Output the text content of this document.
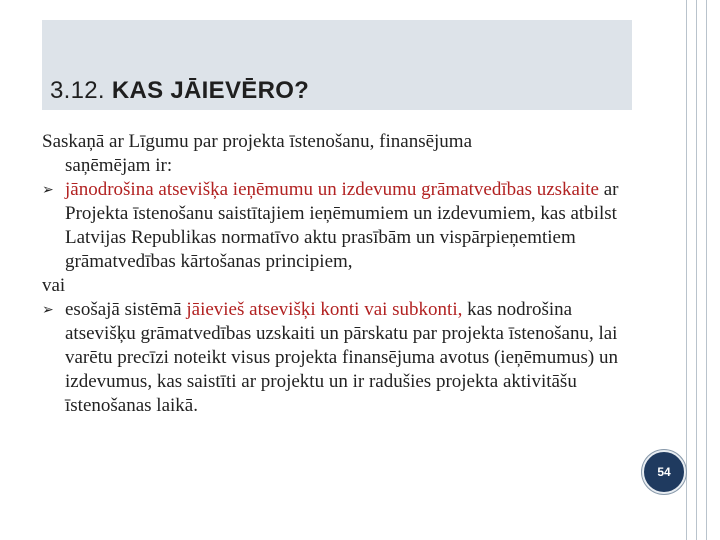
3.12. KAS JĀIEVĒRO?

Saskaņā ar Līgumu par projekta īstenošanu, finansējuma

saņēmējam ir:

➢ jānodrošina atsevišķa ieņēmumu un izdevumu grāmatvedības uzskaite ar Projekta īstenošanu saistītajiem ieņēmumiem un izdevumiem, kas atbilst Latvijas Republikas normatīvo aktu prasībām un vispārpieņemtiem grāmatvedības kārtošanas principiem,

vai

➢ esošajā sistēmā jāievieš atsevišķi konti vai subkonti, kas nodrošina atsevišķu grāmatvedības uzskaiti un pārskatu par projekta īstenošanu, lai varētu precīzi noteikt visus projekta finansējuma avotus (ieņēmumus) un izdevumus, kas saistīti ar projektu un ir radušies projekta aktivitāšu īstenošanas laikā.

54
